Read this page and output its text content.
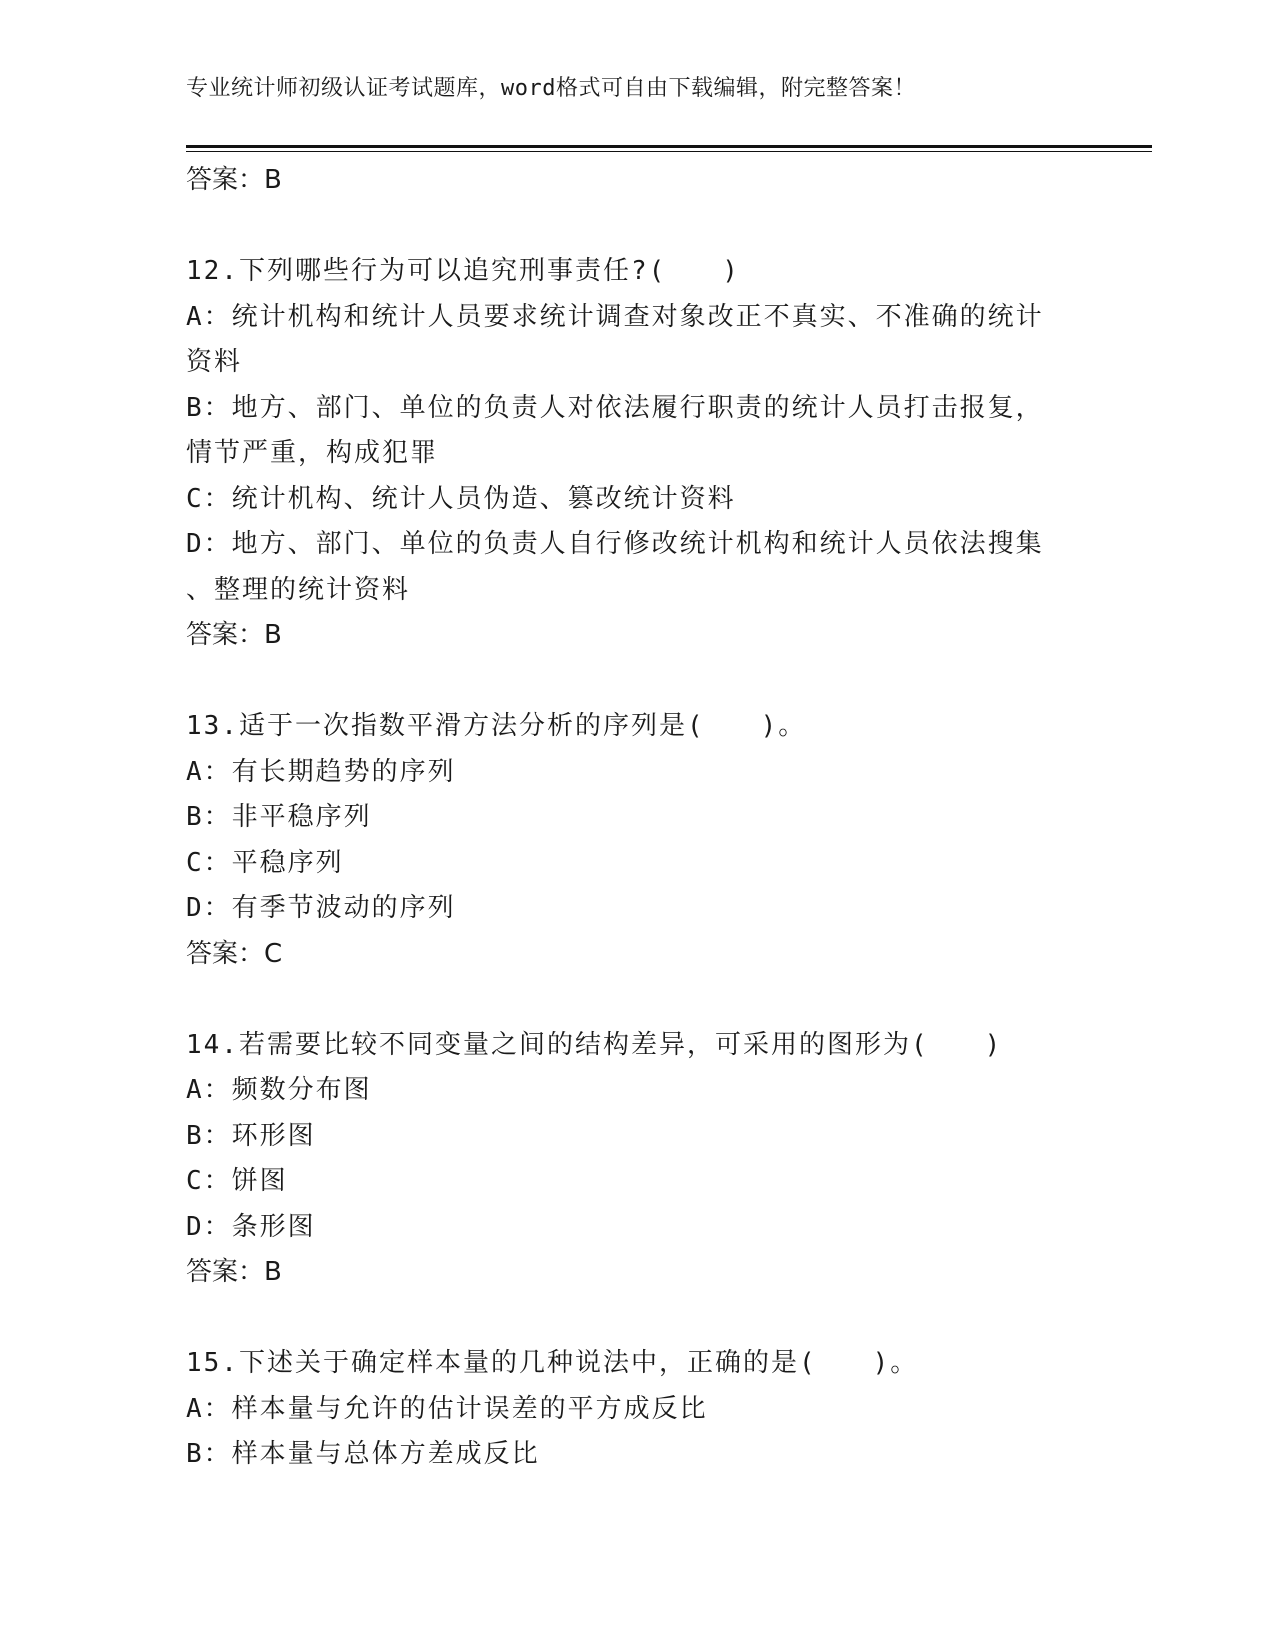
专业统计师初级认证考试题库，word格式可自由下载编辑，附完整答案！
答案：B
12.下列哪些行为可以追究刑事责任?(　　)
A：统计机构和统计人员要求统计调查对象改正不真实、不准确的统计
资料
B：地方、部门、单位的负责人对依法履行职责的统计人员打击报复，
情节严重，构成犯罪
C：统计机构、统计人员伪造、篡改统计资料
D：地方、部门、单位的负责人自行修改统计机构和统计人员依法搜集
、整理的统计资料
答案：B
13.适于一次指数平滑方法分析的序列是(　　)。
A：有长期趋势的序列
B：非平稳序列
C：平稳序列
D：有季节波动的序列
答案：C
14.若需要比较不同变量之间的结构差异，可采用的图形为(　　)
A：频数分布图
B：环形图
C：饼图
D：条形图
答案：B
15.下述关于确定样本量的几种说法中，正确的是(　　)。
A：样本量与允许的估计误差的平方成反比
B：样本量与总体方差成反比
